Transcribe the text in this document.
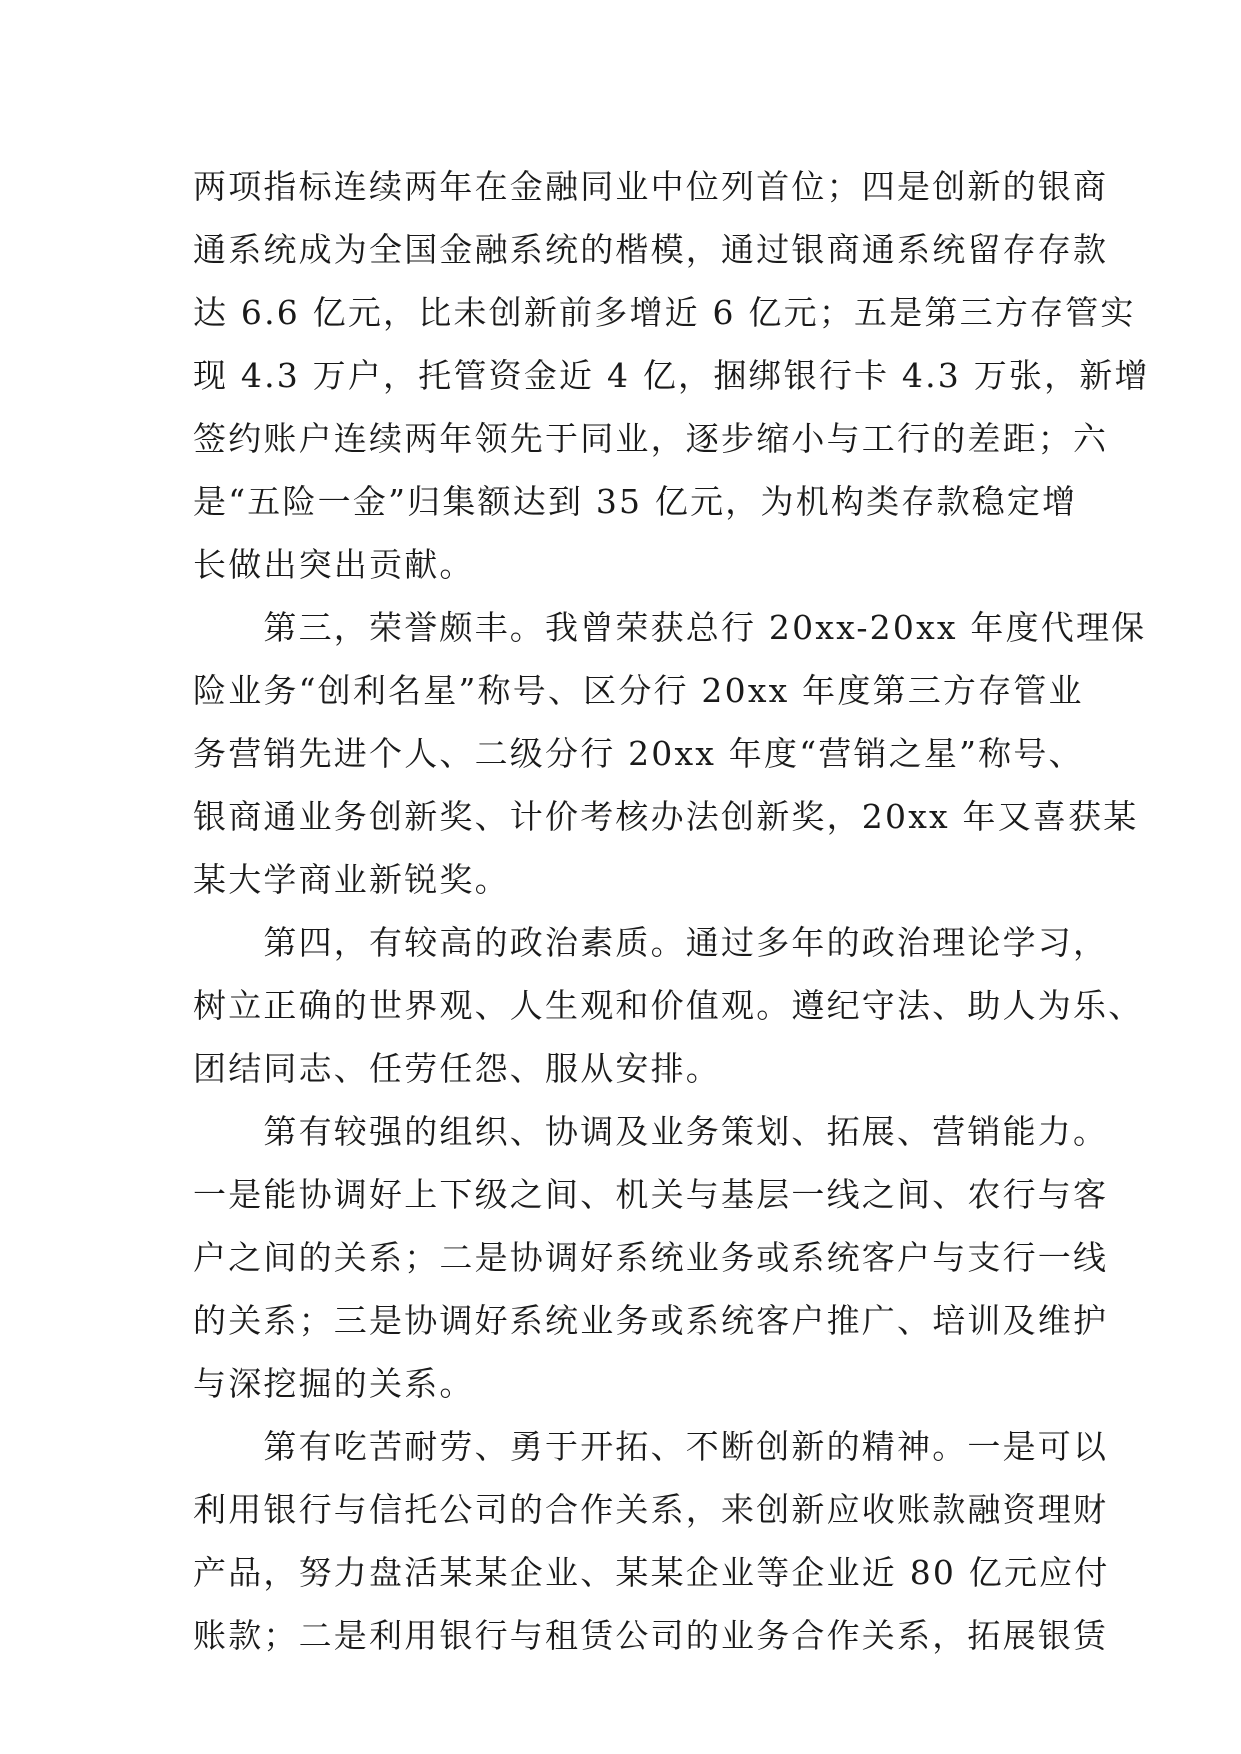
两项指标连续两年在金融同业中位列首位；四是创新的银商
通系统成为全国金融系统的楷模，通过银商通系统留存存款
达 6.6 亿元，比未创新前多增近 6 亿元；五是第三方存管实
现 4.3 万户，托管资金近 4 亿，捆绑银行卡 4.3 万张，新增
签约账户连续两年领先于同业，逐步缩小与工行的差距；六
是“五险一金”归集额达到 35 亿元，为机构类存款稳定增
长做出突出贡献。
　　第三，荣誉颇丰。我曾荣获总行 20xx-20xx 年度代理保
险业务“创利名星”称号、区分行 20xx 年度第三方存管业
务营销先进个人、二级分行 20xx 年度“营销之星”称号、
银商通业务创新奖、计价考核办法创新奖，20xx 年又喜获某
某大学商业新锐奖。
　　第四，有较高的政治素质。通过多年的政治理论学习，
树立正确的世界观、人生观和价值观。遵纪守法、助人为乐、
团结同志、任劳任怨、服从安排。
　　第有较强的组织、协调及业务策划、拓展、营销能力。
一是能协调好上下级之间、机关与基层一线之间、农行与客
户之间的关系；二是协调好系统业务或系统客户与支行一线
的关系；三是协调好系统业务或系统客户推广、培训及维护
与深挖掘的关系。
　　第有吃苦耐劳、勇于开拓、不断创新的精神。一是可以
利用银行与信托公司的合作关系，来创新应收账款融资理财
产品，努力盘活某某企业、某某企业等企业近 80 亿元应付
账款；二是利用银行与租赁公司的业务合作关系，拓展银赁
